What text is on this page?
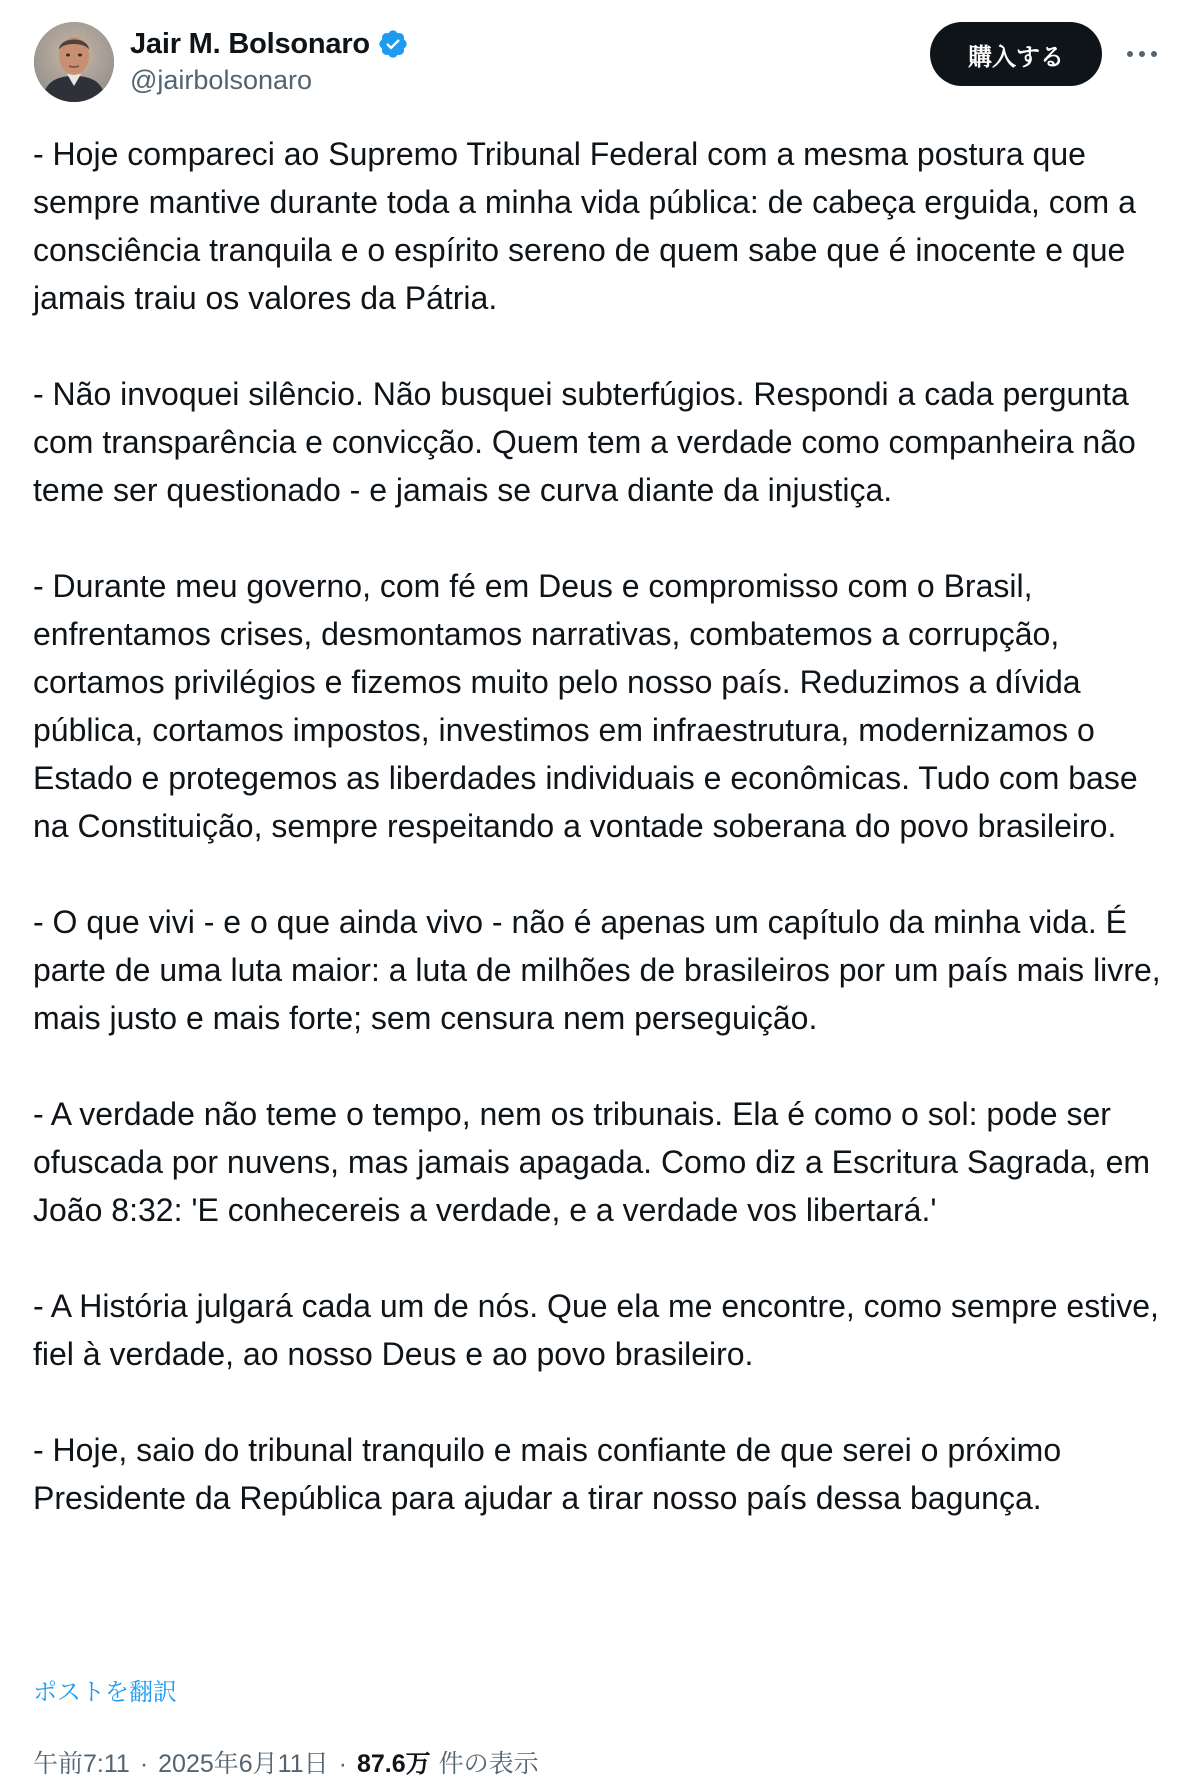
Jair M. Bolsonaro
@jairbolsonaro
購入する

- Hoje compareci ao Supremo Tribunal Federal com a mesma postura que sempre mantive durante toda a minha vida pública: de cabeça erguida, com a consciência tranquila e o espírito sereno de quem sabe que é inocente e que jamais traiu os valores da Pátria.

- Não invoquei silêncio. Não busquei subterfúgios. Respondi a cada pergunta com transparência e convicção. Quem tem a verdade como companheira não teme ser questionado - e jamais se curva diante da injustiça.

- Durante meu governo, com fé em Deus e compromisso com o Brasil, enfrentamos crises, desmontamos narrativas, combatemos a corrupção, cortamos privilégios e fizemos muito pelo nosso país. Reduzimos a dívida pública, cortamos impostos, investimos em infraestrutura, modernizamos o Estado e protegemos as liberdades individuais e econômicas. Tudo com base na Constituição, sempre respeitando a vontade soberana do povo brasileiro.

- O que vivi - e o que ainda vivo - não é apenas um capítulo da minha vida. É parte de uma luta maior: a luta de milhões de brasileiros por um país mais livre, mais justo e mais forte; sem censura nem perseguição.

- A verdade não teme o tempo, nem os tribunais. Ela é como o sol: pode ser ofuscada por nuvens, mas jamais apagada. Como diz a Escritura Sagrada, em João 8:32: 'E conhecereis a verdade, e a verdade vos libertará.'

- A História julgará cada um de nós. Que ela me encontre, como sempre estive, fiel à verdade, ao nosso Deus e ao povo brasileiro.

- Hoje, saio do tribunal tranquilo e mais confiante de que serei o próximo Presidente da República para ajudar a tirar nosso país dessa bagunça.

ポストを翻訳
午前7:11 · 2025年6月11日 · 87.6万 件の表示
